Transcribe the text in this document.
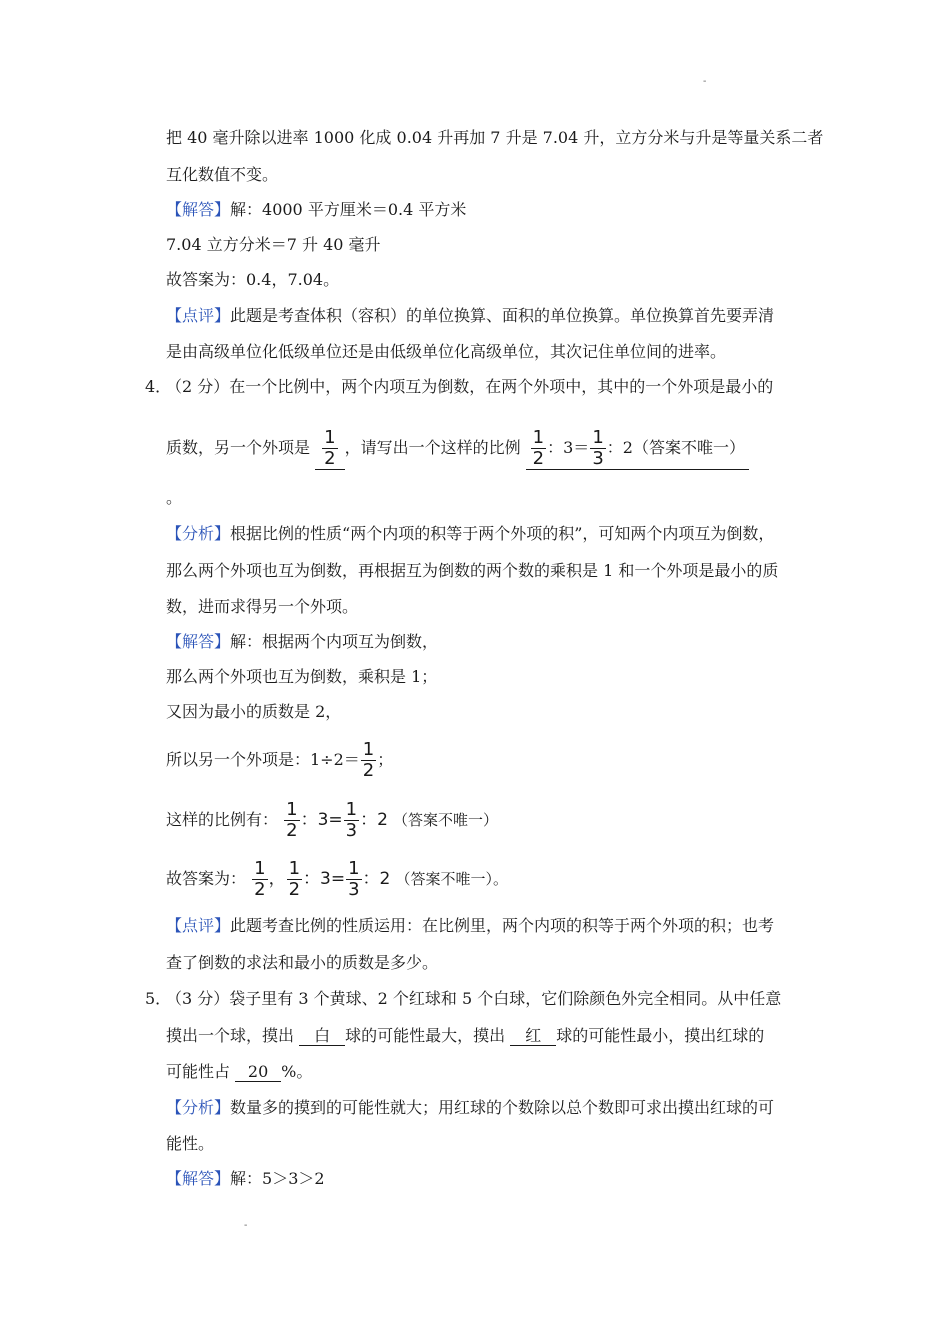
-
把 40 毫升除以进率 1000 化成 0.04 升再加 7 升是 7.04 升，立方分米与升是等量关系二者
互化数值不变。
【解答】解：4000 平方厘米＝0.4 平方米
7.04 立方分米＝7 升 40 毫升
故答案为：0.4，7.04。
【点评】此题是考查体积（容积）的单位换算、面积的单位换算。单位换算首先要弄清
是由高级单位化低级单位还是由低级单位化高级单位，其次记住单位间的进率。
4．
（2 分）在一个比例中，两个内项互为倒数，在两个外项中，其中的一个外项是最小的
质数，另一个外项是 $\frac{1}{2}$ ，请写出一个这样的比例 $\frac{1}{2}$ ：$3= \frac{1}{3}$ ：2（答案不唯一）
。
【分析】根据比例的性质“两个内项的积等于两个外项的积”，可知两个内项互为倒数，
那么两个外项也互为倒数，再根据互为倒数的两个数的乘积是 1 和一个外项是最小的质
数，进而求得另一个外项。
【解答】解：根据两个内项互为倒数，
那么两个外项也互为倒数，乘积是 1；
又因为最小的质数是 2，
所以另一个外项是：$1\div 2= \frac{1}{2}$ ；
这样的比例有： $\frac{1}{2}$ ：$3= \frac{1}{3}$ ：2 （答案不唯一）
故答案为： $\frac{1}{2}$ ， $\frac{1}{2}$ ：$3= \frac{1}{3}$ ：2 （答案不唯一）。
【点评】此题考查比例的性质运用：在比例里，两个内项的积等于两个外项的积；也考
查了倒数的求法和最小的质数是多少。
5．
（3 分）袋子里有 3 个黄球、2 个红球和 5 个白球，它们除颜色外完全相同。从中任意
摸出一个球，摸出 白 球的可能性最大，摸出 红 球的可能性最小，摸出红球的
可能性占 20 %。
【分析】数量多的摸到的可能性就大；用红球的个数除以总个数即可求出摸出红球的可
能性。
【解答】解：5＞3＞2
-
